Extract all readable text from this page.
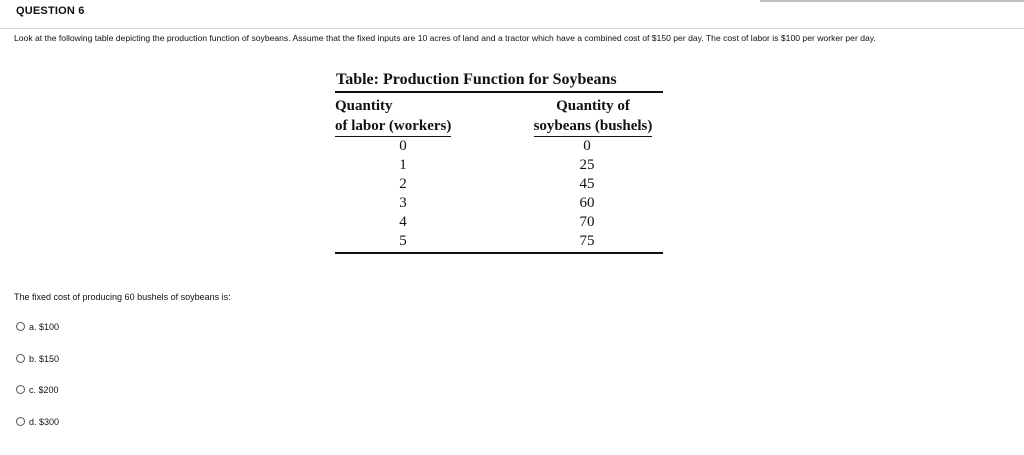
QUESTION 6
Look at the following table depicting the production function of soybeans. Assume that the fixed inputs are 10 acres of land and a tractor which have a combined cost of $150 per day. The cost of labor is $100 per worker per day.
Table: Production Function for Soybeans
Quantity
of labor (workers)
Quantity of
soybeans (bushels)
0	0
1	25
2	45
3	60
4	70
5	75
The fixed cost of producing 60 bushels of soybeans is:
a. $100
b. $150
c. $200
d. $300
